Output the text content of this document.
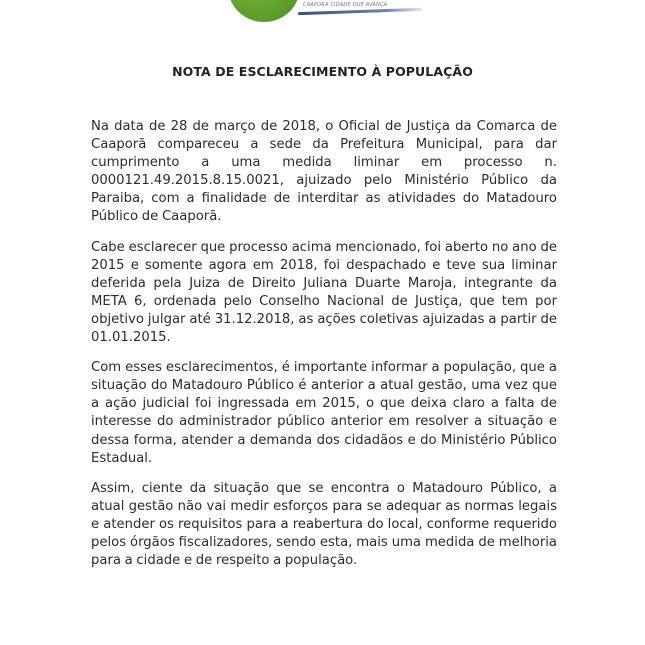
CAAPORÃ CIDADE QUE AVANÇA
NOTA DE ESCLARECIMENTO À POPULAÇÃO

Na data de 28 de março de 2018, o Oficial de Justiça da Comarca de Caaporã compareceu a sede da Prefeitura Municipal, para dar cumprimento a uma medida liminar em processo n. 0000121.49.2015.8.15.0021, ajuizado pelo Ministério Público da Paraiba, com a finalidade de interditar as atividades do Matadouro Público de Caaporã.

Cabe esclarecer que processo acima mencionado, foi aberto no ano de 2015 e somente agora em 2018, foi despachado e teve sua liminar deferida pela Juiza de Direito Juliana Duarte Maroja, integrante da META 6, ordenada pelo Conselho Nacional de Justiça, que tem por objetivo julgar até 31.12.2018, as ações coletivas ajuizadas a partir de 01.01.2015.

Com esses esclarecimentos, é importante informar a população, que a situação do Matadouro Público é anterior a atual gestão, uma vez que a ação judicial foi ingressada em 2015, o que deixa claro a falta de interesse do administrador público anterior em resolver a situação e dessa forma, atender a demanda dos cidadãos e do Ministério Público Estadual.

Assim, ciente da situação que se encontra o Matadouro Público, a atual gestão não vai medir esforços para se adequar as normas legais e atender os requisitos para a reabertura do local, conforme requerido pelos órgãos fiscalizadores, sendo esta, mais uma medida de melhoria para a cidade e de respeito a população.
